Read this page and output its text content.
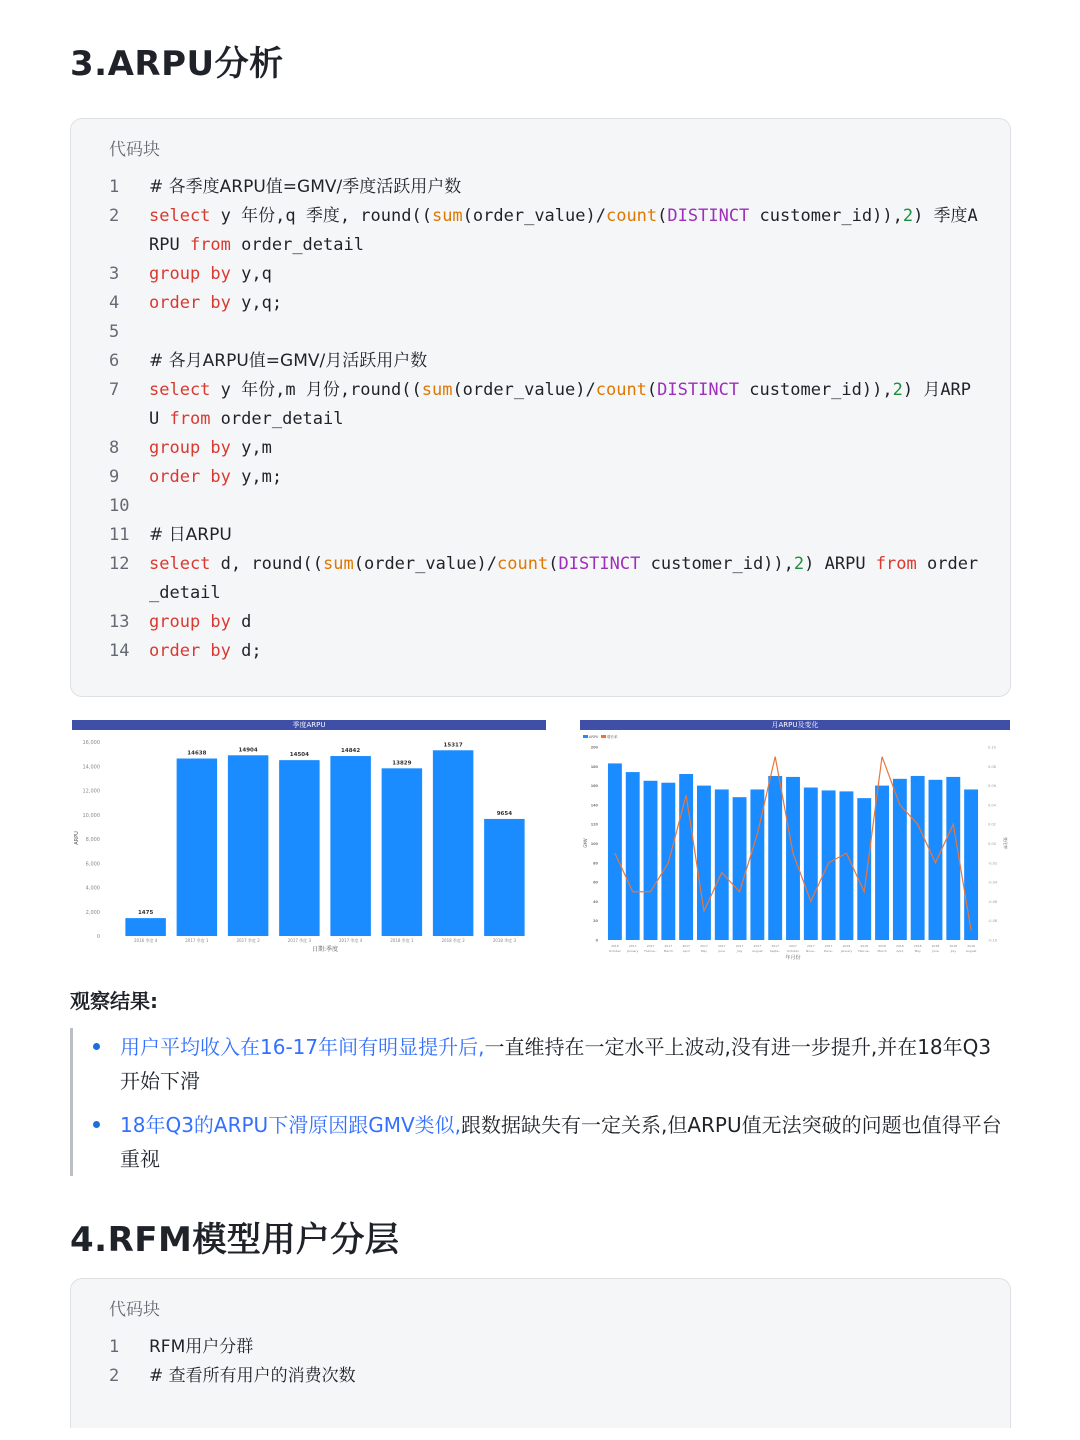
3.ARPU分析
代码块
1	# 各季度ARPU值=GMV/季度活跃用户数
2	select y 年份,q 季度, round((sum(order_value)/count(DISTINCT customer_id)),2) 季度ARPU from order_detail
3	group by y,q
4	order by y,q;
5
6	# 各月ARPU值=GMV/月活跃用户数
7	select y 年份,m 月份,round((sum(order_value)/count(DISTINCT customer_id)),2) 月ARPU from order_detail
8	group by y,m
9	order by y,m;
10
11	# 日ARPU
12	select d, round((sum(order_value)/count(DISTINCT customer_id)),2) ARPU from order_detail
13	group by d
14	order by d;
季度ARPU
16,000
14,000
12,000
10,000
8,000
6,000
4,000
2,000
0
ARPU
1475
2016 季度 4
14638
2017 季度 1
14904
2017 季度 2
14504
2017 季度 3
14842
2017 季度 4
13829
2018 季度 1
15317
2018 季度 2
9654
2018 季度 3
日期:季度
月ARPU及变化
ARPU 增长率
200
180
160
140
120
100
80
60
40
20
0
0.10
0.08
0.06
0.04
0.02
0.00
-0.02
-0.04
-0.06
-0.08
-0.10
GMV	变化率
2016
October
2017
January
2017
Februa..
2017
March
2017
April
2017
May
2017
June
2017
July
2017
August
2017
Septe..
2017
October
2017
Nove..
2017
Dece..
2018
January
2018
Februa..
2018
March
2018
April
2018
May
2018
June
2018
July
2018
August
年月份
观察结果:
用户平均收入在16-17年间有明显提升后,一直维持在一定水平上波动,没有进一步提升,并在18年Q3开始下滑
18年Q3的ARPU下滑原因跟GMV类似,跟数据缺失有一定关系,但ARPU值无法突破的问题也值得平台重视
4.RFM模型用户分层
代码块
1	RFM用户分群
2	# 查看所有用户的消费次数
